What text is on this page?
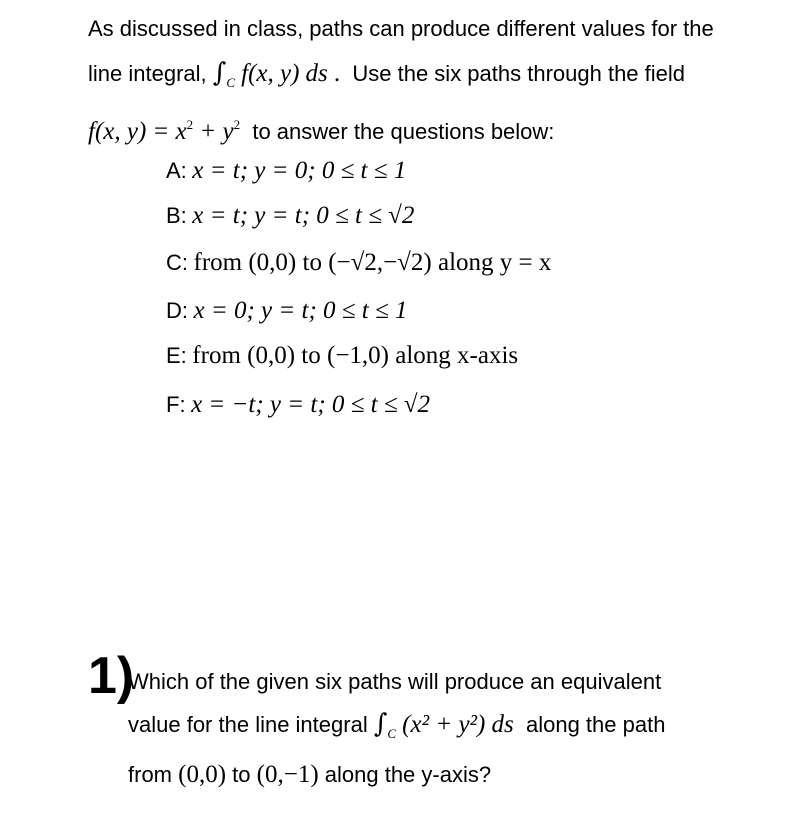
As discussed in class, paths can produce different values for the
line integral, $\int_C$ f(x, y) ds . Use the six paths through the field
f(x, $y) = x^2 + y^2$ to answer the questions below:
A: x = t; y = 0; 0 ≤ t ≤ 1
B: x = t; y = t; 0 ≤ t ≤ √2
C: from (0,0) to (−√2,−√2) along y = x
D: x = 0; y = t; 0 ≤ t ≤ 1
E: from (0,0) to (−1,0) along x-axis
F: x = −t; y = t; 0 ≤ t ≤ √2
1)
Which of the given six paths will produce an equivalent
value for the line integral $\int_C$ (x² + y²) ds along the path
from (0,0) to (0,−1) along the y-axis?
